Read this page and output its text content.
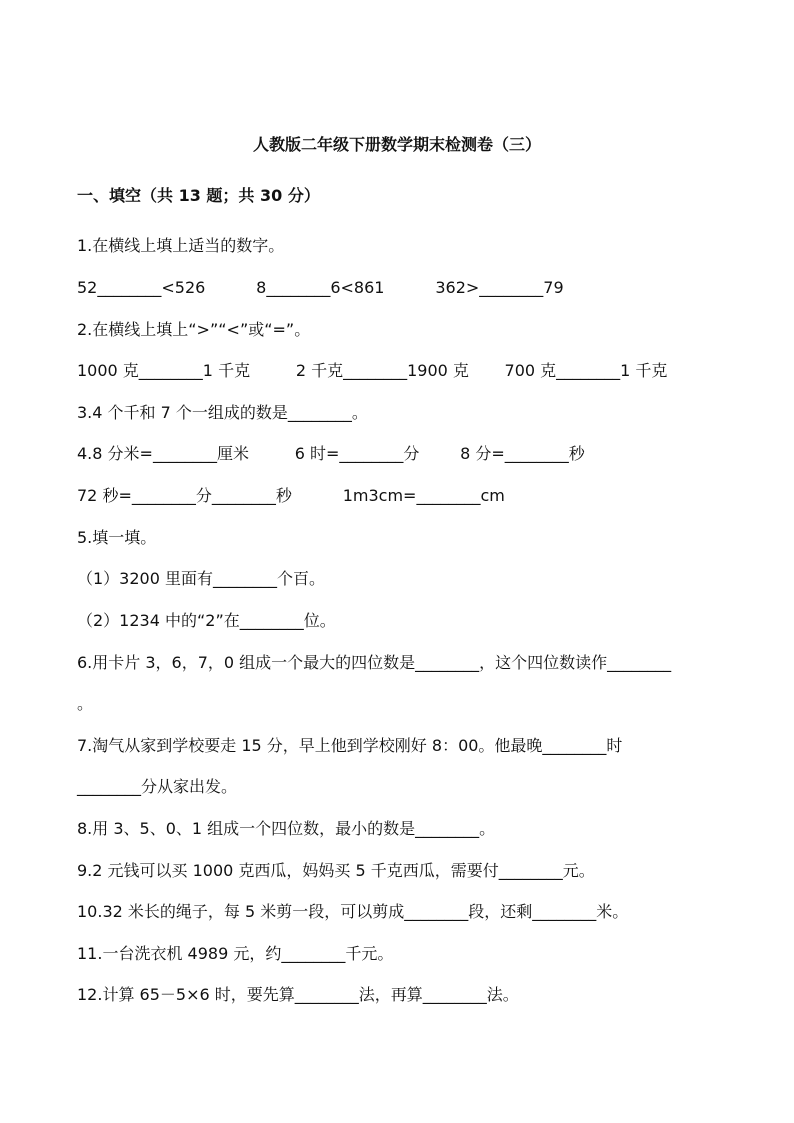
人教版二年级下册数学期末检测卷（三）
一、填空（共 13 题；共 30 分）
1.在横线上填上适当的数字。
52________<526          8________6<861          362>________79
2.在横线上填上“>”“<”或“=”。
1000 克________1 千克         2 千克________1900 克       700 克________1 千克
3.4 个千和 7 个一组成的数是________。
4.8 分米=________厘米         6 时=________分        8 分=________秒
72 秒=________分________秒          1m3cm=________cm
5.填一填。
（1）3200 里面有________个百。
（2）1234 中的“2”在________位。
6.用卡片 3，6，7，0 组成一个最大的四位数是________，这个四位数读作________
。
7.淘气从家到学校要走 15 分，早上他到学校刚好 8：00。他最晚________时
________分从家出发。
8.用 3、5、0、1 组成一个四位数，最小的数是________。
9.2 元钱可以买 1000 克西瓜，妈妈买 5 千克西瓜，需要付________元。
10.32 米长的绳子，每 5 米剪一段，可以剪成________段，还剩________米。
11.一台洗衣机 4989 元，约________千元。
12.计算 65－5×6 时，要先算________法，再算________法。
